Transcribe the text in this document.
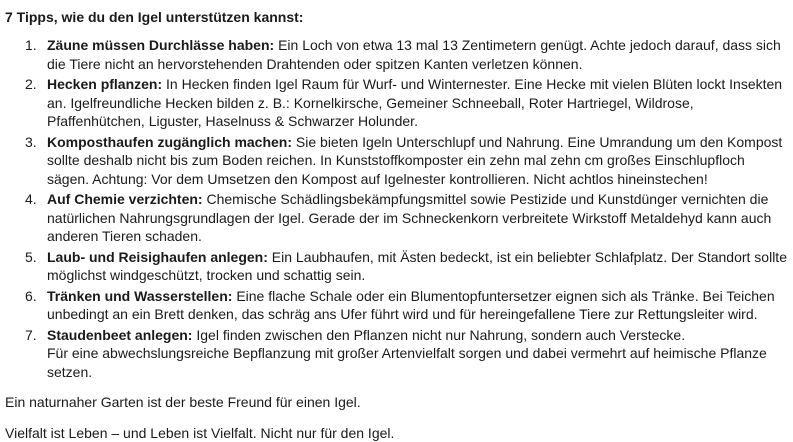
7 Tipps, wie du den Igel unterstützen kannst:
1. Zäune müssen Durchlässe haben: Ein Loch von etwa 13 mal 13 Zentimetern genügt. Achte jedoch darauf, dass sich die Tiere nicht an hervorstehenden Drahtenden oder spitzen Kanten verletzen können.
2. Hecken pflanzen: In Hecken finden Igel Raum für Wurf- und Winternester. Eine Hecke mit vielen Blüten lockt Insekten an. Igelfreundliche Hecken bilden z. B.: Kornelkirsche, Gemeiner Schneeball, Roter Hartriegel, Wildrose, Pfaffenhütchen, Liguster, Haselnuss & Schwarzer Holunder.
3. Komposthaufen zugänglich machen: Sie bieten Igeln Unterschlupf und Nahrung. Eine Umrandung um den Kompost sollte deshalb nicht bis zum Boden reichen. In Kunststoffkomposter ein zehn mal zehn cm großes Einschlupfloch sägen. Achtung: Vor dem Umsetzen den Kompost auf Igelnester kontrollieren. Nicht achtlos hineinstechen!
4. Auf Chemie verzichten: Chemische Schädlingsbekämpfungsmittel sowie Pestizide und Kunstdünger vernichten die natürlichen Nahrungsgrundlagen der Igel. Gerade der im Schneckenkorn verbreitete Wirkstoff Metaldehyd kann auch anderen Tieren schaden.
5. Laub- und Reisighaufen anlegen: Ein Laubhaufen, mit Ästen bedeckt, ist ein beliebter Schlafplatz. Der Standort sollte möglichst windgeschützt, trocken und schattig sein.
6. Tränken und Wasserstellen: Eine flache Schale oder ein Blumentopfuntersetzer eignen sich als Tränke. Bei Teichen unbedingt an ein Brett denken, das schräg ans Ufer führt wird und für hereingefallene Tiere zur Rettungsleiter wird.
7. Staudenbeet anlegen: Igel finden zwischen den Pflanzen nicht nur Nahrung, sondern auch Verstecke.
Für eine abwechslungsreiche Bepflanzung mit großer Artenvielfalt sorgen und dabei vermehrt auf heimische Pflanze setzen.

Ein naturnaher Garten ist der beste Freund für einen Igel.

Vielfalt ist Leben – und Leben ist Vielfalt. Nicht nur für den Igel.
